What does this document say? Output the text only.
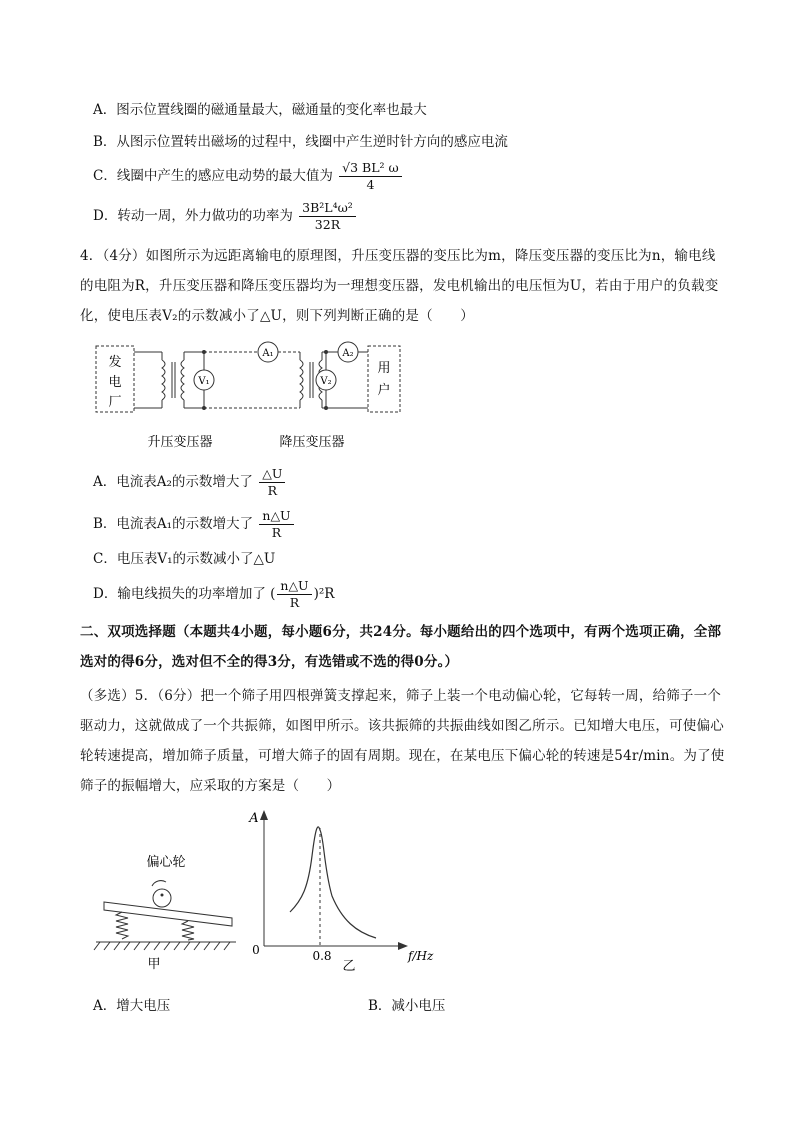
A．图示位置线圈的磁通量最大，磁通量的变化率也最大
B．从图示位置转出磁场的过程中，线圈中产生逆时针方向的感应电流
C．线圈中产生的感应电动势的最大值为 $\frac{\text{√3 BL² ω}}{4}$
D．转动一周，外力做功的功率为 $\frac{\text{3B²L⁴ω²}}{32R}$
4．（4分）如图所示为远距离输电的原理图，升压变压器的变压比为m，降压变压器的变压比为n，输电线的电阻为R，升压变压器和降压变压器均为一理想变压器，发电机输出的电压恒为U，若由于用户的负载变化，使电压表V₂的示数减小了△U，则下列判断正确的是（　　）
发电厂
V₁
A₁
V₂
A₂
用户
升压变压器	降压变压器
A．电流表A₂的示数增大了 $\frac{\triangle U}{R}$
B．电流表A₁的示数增大了 $\frac{n\triangle U}{R}$
C．电压表V₁的示数减小了△U
D．输电线损失的功率增加了 ( $\frac{n\triangle U}{R} )^2R$
二、双项选择题（本题共4小题，每小题6分，共24分。每小题给出的四个选项中，有两个选项正确，全部选对的得6分，选对但不全的得3分，有选错或不选的得0分。）
（多选）5．（6分）把一个筛子用四根弹簧支撑起来，筛子上装一个电动偏心轮，它每转一周，给筛子一个驱动力，这就做成了一个共振筛，如图甲所示。该共振筛的共振曲线如图乙所示。已知增大电压，可使偏心轮转速提高，增加筛子质量，可增大筛子的固有周期。现在，在某电压下偏心轮的转速是54r/min。为了使筛子的振幅增大，应采取的方案是（　　）
偏心轮
甲
A
0	f/Hz
0.8
乙
A．增大电压	B．减小电压
